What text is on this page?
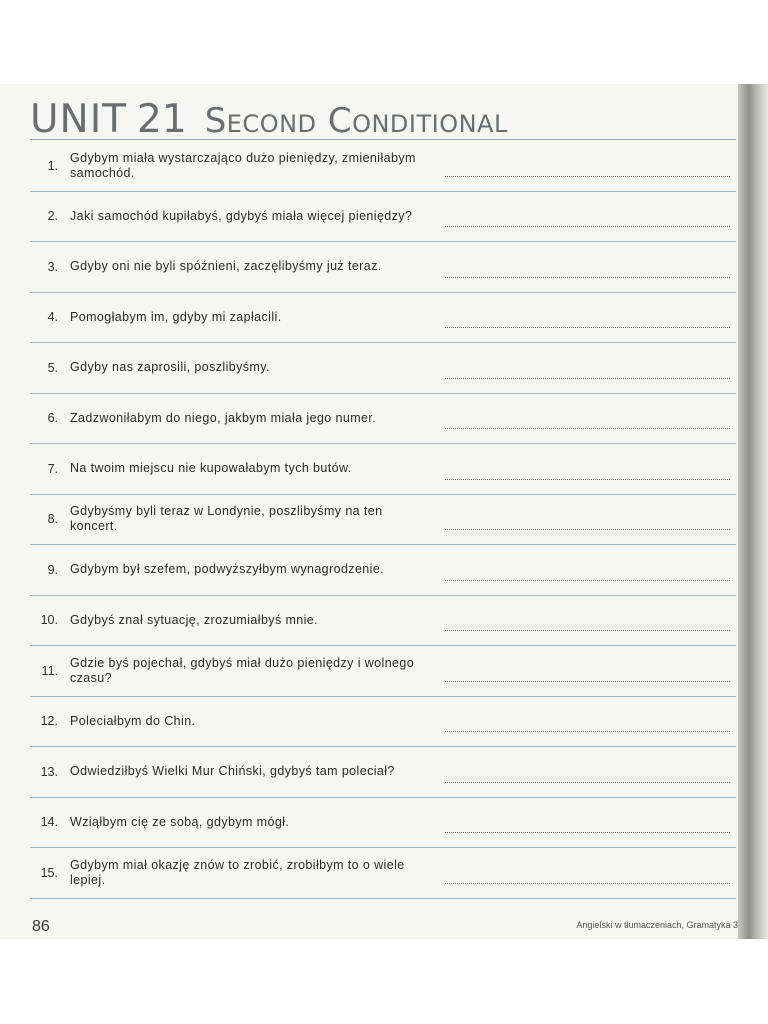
UNIT 21 Second Conditional
1.
Gdybym miała wystarczająco dużo pieniędzy, zmieniłabym samochód.
2. Jaki samochód kupiłabyś, gdybyś miała więcej pieniędzy?
3. Gdyby oni nie byli spóźnieni, zaczęlibyśmy już teraz.
4. Pomogłabym im, gdyby mi zapłacili.
5. Gdyby nas zaprosili, poszlibyśmy.
6. Zadzwoniłabym do niego, jakbym miała jego numer.
7. Na twoim miejscu nie kupowałabym tych butów.
8.
Gdybyśmy byli teraz w Londynie, poszlibyśmy na ten koncert.
9. Gdybym był szefem, podwyższyłbym wynagrodzenie.
10. Gdybyś znał sytuację, zrozumiałbyś mnie.
11.
Gdzie byś pojechał, gdybyś miał dużo pieniędzy i wolnego czasu?
12. Poleciałbym do Chin.
13. Odwiedziłbyś Wielki Mur Chiński, gdybyś tam poleciał?
14. Wziąłbym cię ze sobą, gdybym mógł.
15.
Gdybym miał okazję znów to zrobić, zrobiłbym to o wiele lepiej.
86	Angielski w tłumaczeniach, Gramatyka 3
